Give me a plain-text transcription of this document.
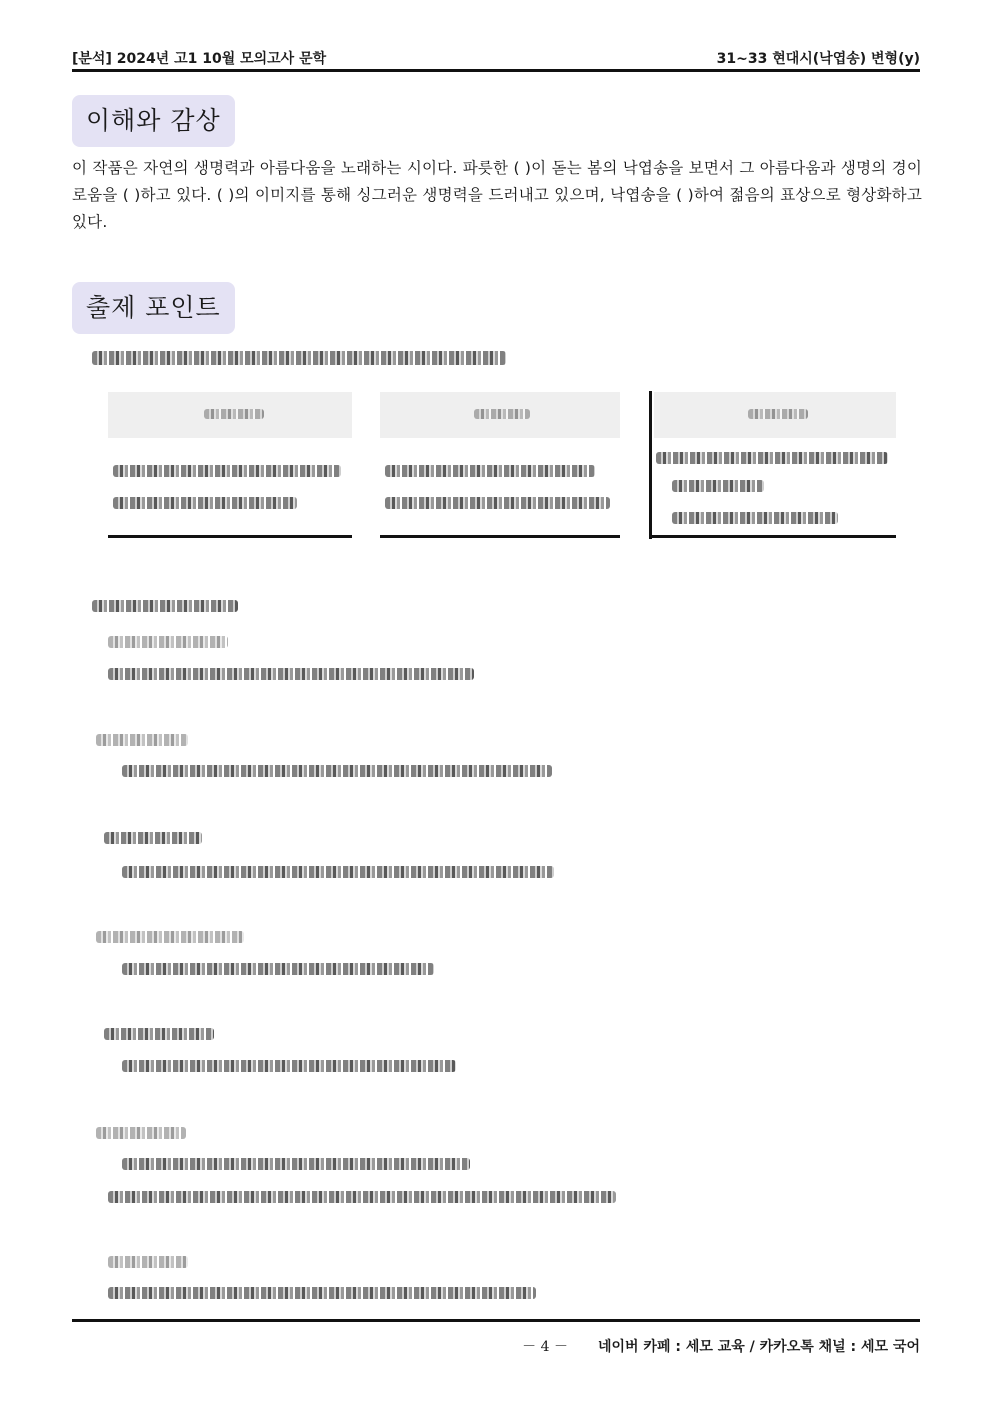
[분석] 2024년 고1 10월 모의고사 문학	31~33 현대시(낙엽송) 변형(y)
이해와 감상
이 작품은 자연의 생명력과 아름다움을 노래하는 시이다. 파릇한 ( )이 돋는 봄의 낙엽송을 보면서 그 아름다움과 생명의 경이로움을 ( )하고 있다. ( )의 이미지를 통해 싱그러운 생명력을 드러내고 있으며, 낙엽송을 ( )하여 젊음의 표상으로 형상화하고 있다.
출제 포인트
－ 4 － 네이버 카페 : 세모 교육 / 카카오톡 채널 : 세모 국어
